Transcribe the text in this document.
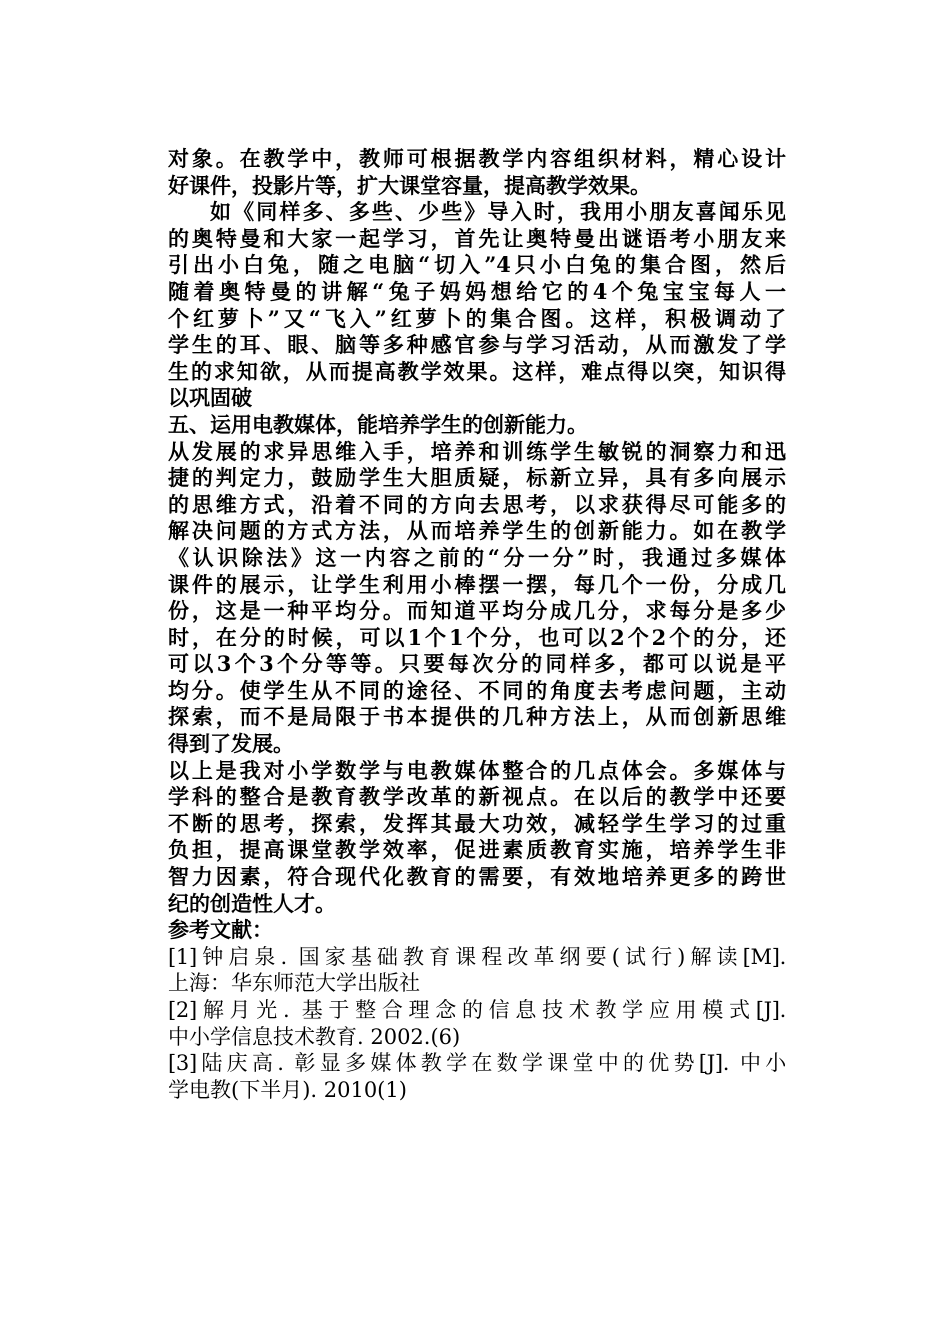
对象。在教学中，教师可根据教学内容组织材料，精心设计
好课件，投影片等，扩大课堂容量，提高教学效果。
如《同样多、多些、少些》导入时，我用小朋友喜闻乐见
的奥特曼和大家一起学习，首先让奥特曼出谜语考小朋友来
引出小白兔，随之电脑“切入”4只小白兔的集合图，然后
随着奥特曼的讲解“兔子妈妈想给它的4个兔宝宝每人一
个红萝卜”又“飞入”红萝卜的集合图。这样，积极调动了
学生的耳、眼、脑等多种感官参与学习活动，从而激发了学
生的求知欲，从而提高教学效果。这样，难点得以突，知识得
以巩固破
五、运用电教媒体，能培养学生的创新能力。
从发展的求异思维入手，培养和训练学生敏锐的洞察力和迅
捷的判定力，鼓励学生大胆质疑，标新立异，具有多向展示
的思维方式，沿着不同的方向去思考，以求获得尽可能多的
解决问题的方式方法，从而培养学生的创新能力。如在教学
《认识除法》这一内容之前的“分一分”时，我通过多媒体
课件的展示，让学生利用小棒摆一摆，每几个一份，分成几
份，这是一种平均分。而知道平均分成几分，求每分是多少
时，在分的时候，可以1个1个分，也可以2个2个的分，还
可以3个3个分等等。只要每次分的同样多，都可以说是平
均分。使学生从不同的途径、不同的角度去考虑问题，主动
探索，而不是局限于书本提供的几种方法上，从而创新思维
得到了发展。
以上是我对小学数学与电教媒体整合的几点体会。多媒体与
学科的整合是教育教学改革的新视点。在以后的教学中还要
不断的思考，探索，发挥其最大功效，减轻学生学习的过重
负担，提高课堂教学效率，促进素质教育实施，培养学生非
智力因素，符合现代化教育的需要，有效地培养更多的跨世
纪的创造性人才。
参考文献：
[1]钟启泉. 国家基础教育课程改革纲要(试行)解读[M].
上海：华东师范大学出版社
[2]解月光. 基于整合理念的信息技术教学应用模式[J].
中小学信息技术教育. 2002.(6)
[3]陆庆高. 彰显多媒体教学在数学课堂中的优势[J]. 中小
学电教(下半月). 2010(1)
